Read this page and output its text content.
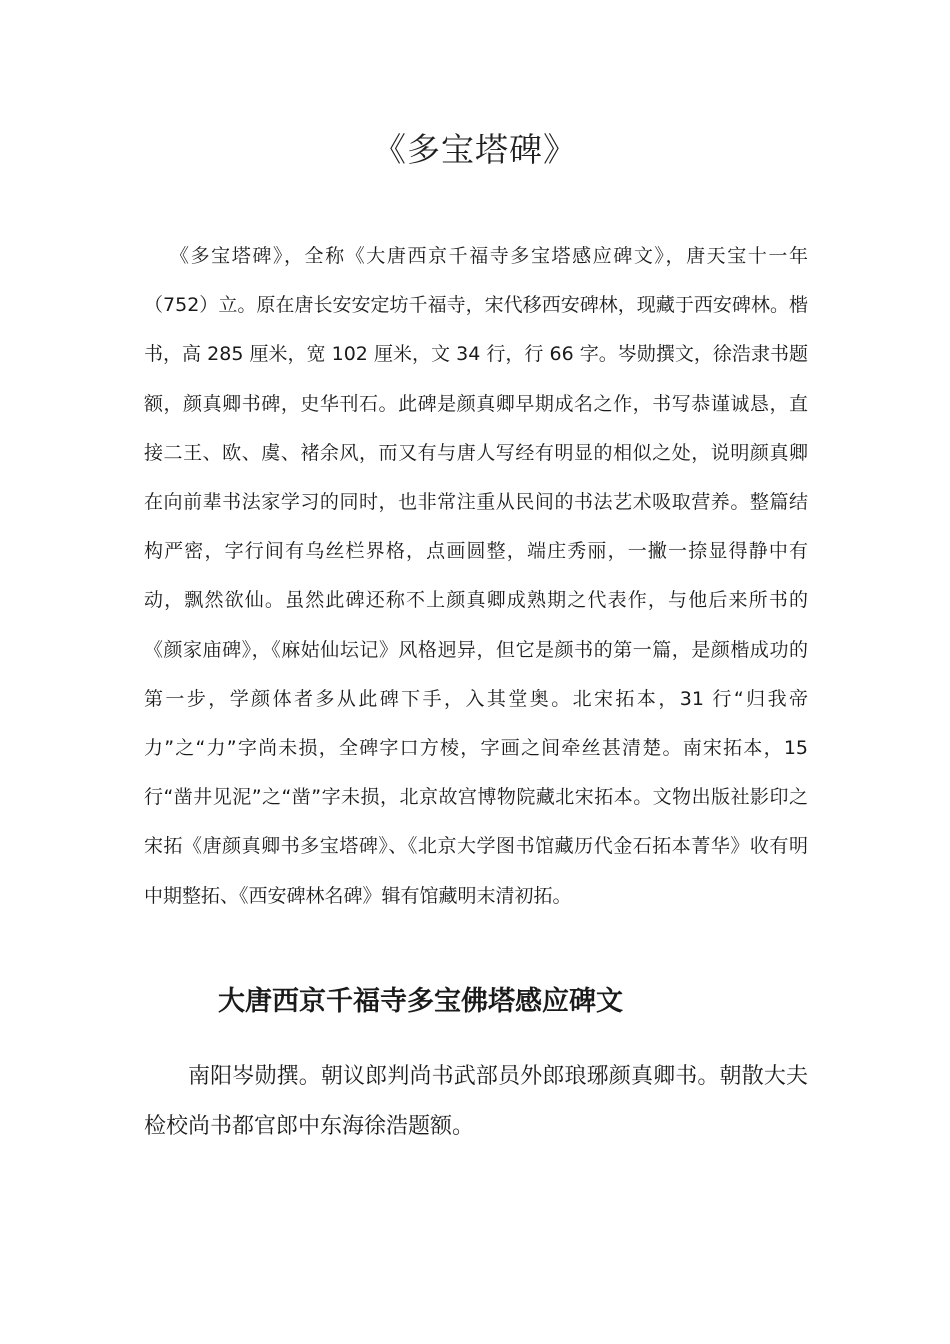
《多宝塔碑》

《多宝塔碑》，全称《大唐西京千福寺多宝塔感应碑文》，唐天宝十一年（752）立。原在唐长安安定坊千福寺，宋代移西安碑林，现藏于西安碑林。楷书，高 285 厘米，宽 102 厘米，文 34 行，行 66 字。岑勋撰文，徐浩隶书题额，颜真卿书碑，史华刊石。此碑是颜真卿早期成名之作，书写恭谨诚恳，直接二王、欧、虞、褚余风，而又有与唐人写经有明显的相似之处，说明颜真卿在向前辈书法家学习的同时，也非常注重从民间的书法艺术吸取营养。整篇结构严密，字行间有乌丝栏界格，点画圆整，端庄秀丽，一撇一捺显得静中有动，飘然欲仙。虽然此碑还称不上颜真卿成熟期之代表作，与他后来所书的《颜家庙碑》，《麻姑仙坛记》风格迥异，但它是颜书的第一篇，是颜楷成功的第一步，学颜体者多从此碑下手，入其堂奥。北宋拓本，31 行“归我帝力”之“力”字尚未损，全碑字口方棱，字画之间牵丝甚清楚。南宋拓本，15 行“凿井见泥”之“凿”字未损，北京故宫博物院藏北宋拓本。文物出版社影印之宋拓《唐颜真卿书多宝塔碑》、《北京大学图书馆藏历代金石拓本菁华》收有明中期整拓、《西安碑林名碑》辑有馆藏明末清初拓。

大唐西京千福寺多宝佛塔感应碑文

南阳岑勋撰。朝议郎判尚书武部员外郎琅琊颜真卿书。朝散大夫检校尚书都官郎中东海徐浩题额。
